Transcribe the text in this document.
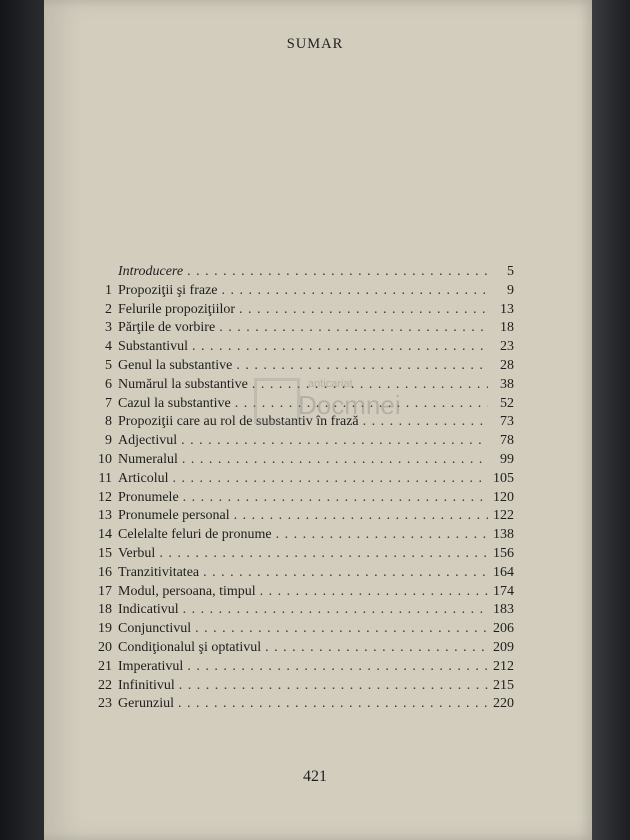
SUMAR
Introducere . . .	5
1 Propoziţii şi fraze . . .	9
2 Felurile propoziţiilor . . .	13
3 Părţile de vorbire . . .	18
4 Substantivul . . .	23
5 Genul la substantive . . .	28
6 Numărul la substantive . . .	38
7 Cazul la substantive . . .	52
8 Propoziţii care au rol de substantiv în frază . . .	73
9 Adjectivul . . .	78
10 Numeralul . . .	99
11 Articolul . . .	105
12 Pronumele . . .	120
13 Pronumele personal . . .	122
14 Celelalte feluri de pronume . . .	138
15 Verbul . . .	156
16 Tranzitivitatea . . .	164
17 Modul, persoana, timpul . . .	174
18 Indicativul . . .	183
19 Conjunctivul . . .	206
20 Condiţionalul şi optativul . . .	209
21 Imperativul . . .	212
22 Infinitivul . . .	215
23 Gerunziul . . .	220
anticariat
Docmnei
421
